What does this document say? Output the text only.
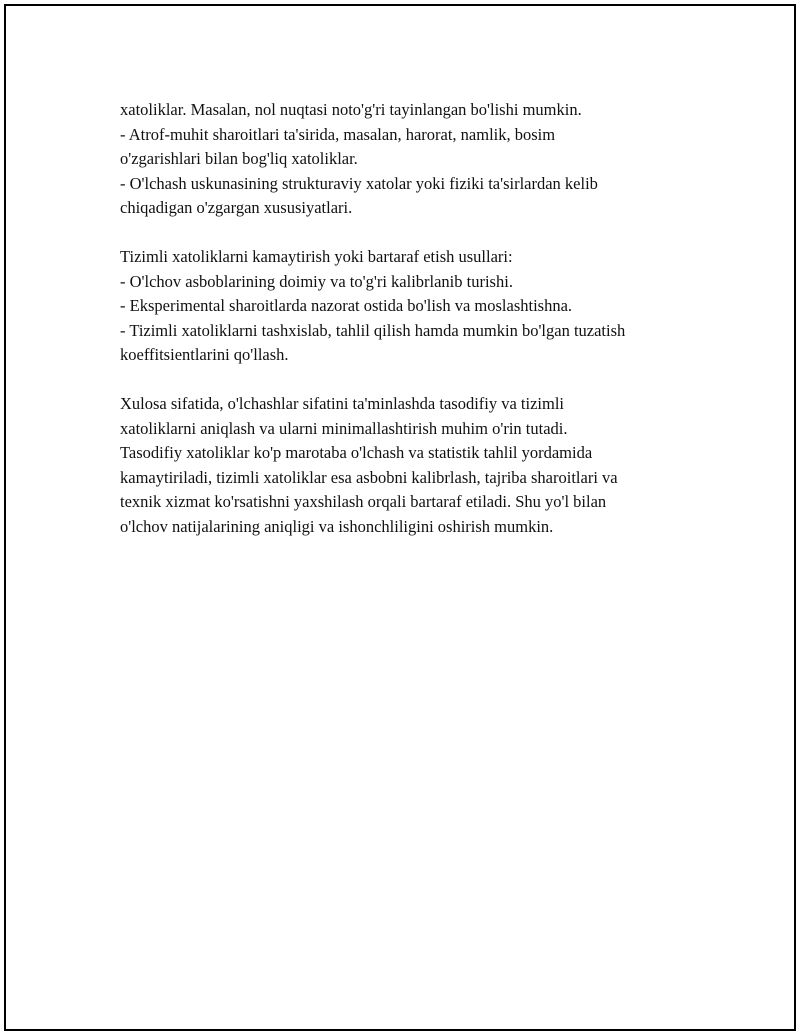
xatoliklar. Masalan, nol nuqtasi noto'g'ri tayinlangan bo'lishi mumkin.
- Atrof-muhit sharoitlari ta'sirida, masalan, harorat, namlik, bosim
o'zgarishlari bilan bog'liq xatoliklar.
- O'lchash uskunasining strukturaviy xatolar yoki fiziki ta'sirlardan kelib
chiqadigan o'zgargan xususiyatlari.
Tizimli xatoliklarni kamaytirish yoki bartaraf etish usullari:
- O'lchov asboblarining doimiy va to'g'ri kalibrlanib turishi.
- Eksperimental sharoitlarda nazorat ostida bo'lish va moslashtishna.
- Tizimli xatoliklarni tashxislab, tahlil qilish hamda mumkin bo'lgan tuzatish
koeffitsientlarini qo'llash.
Xulosa sifatida, o'lchashlar sifatini ta'minlashda tasodifiy va tizimli
xatoliklarni aniqlash va ularni minimallashtirish muhim o'rin tutadi.
Tasodifiy xatoliklar ko'p marotaba o'lchash va statistik tahlil yordamida
kamaytiriladi, tizimli xatoliklar esa asbobni kalibrlash, tajriba sharoitlari va
texnik xizmat ko'rsatishni yaxshilash orqali bartaraf etiladi. Shu yo'l bilan
o'lchov natijalarining aniqligi va ishonchliligini oshirish mumkin.
